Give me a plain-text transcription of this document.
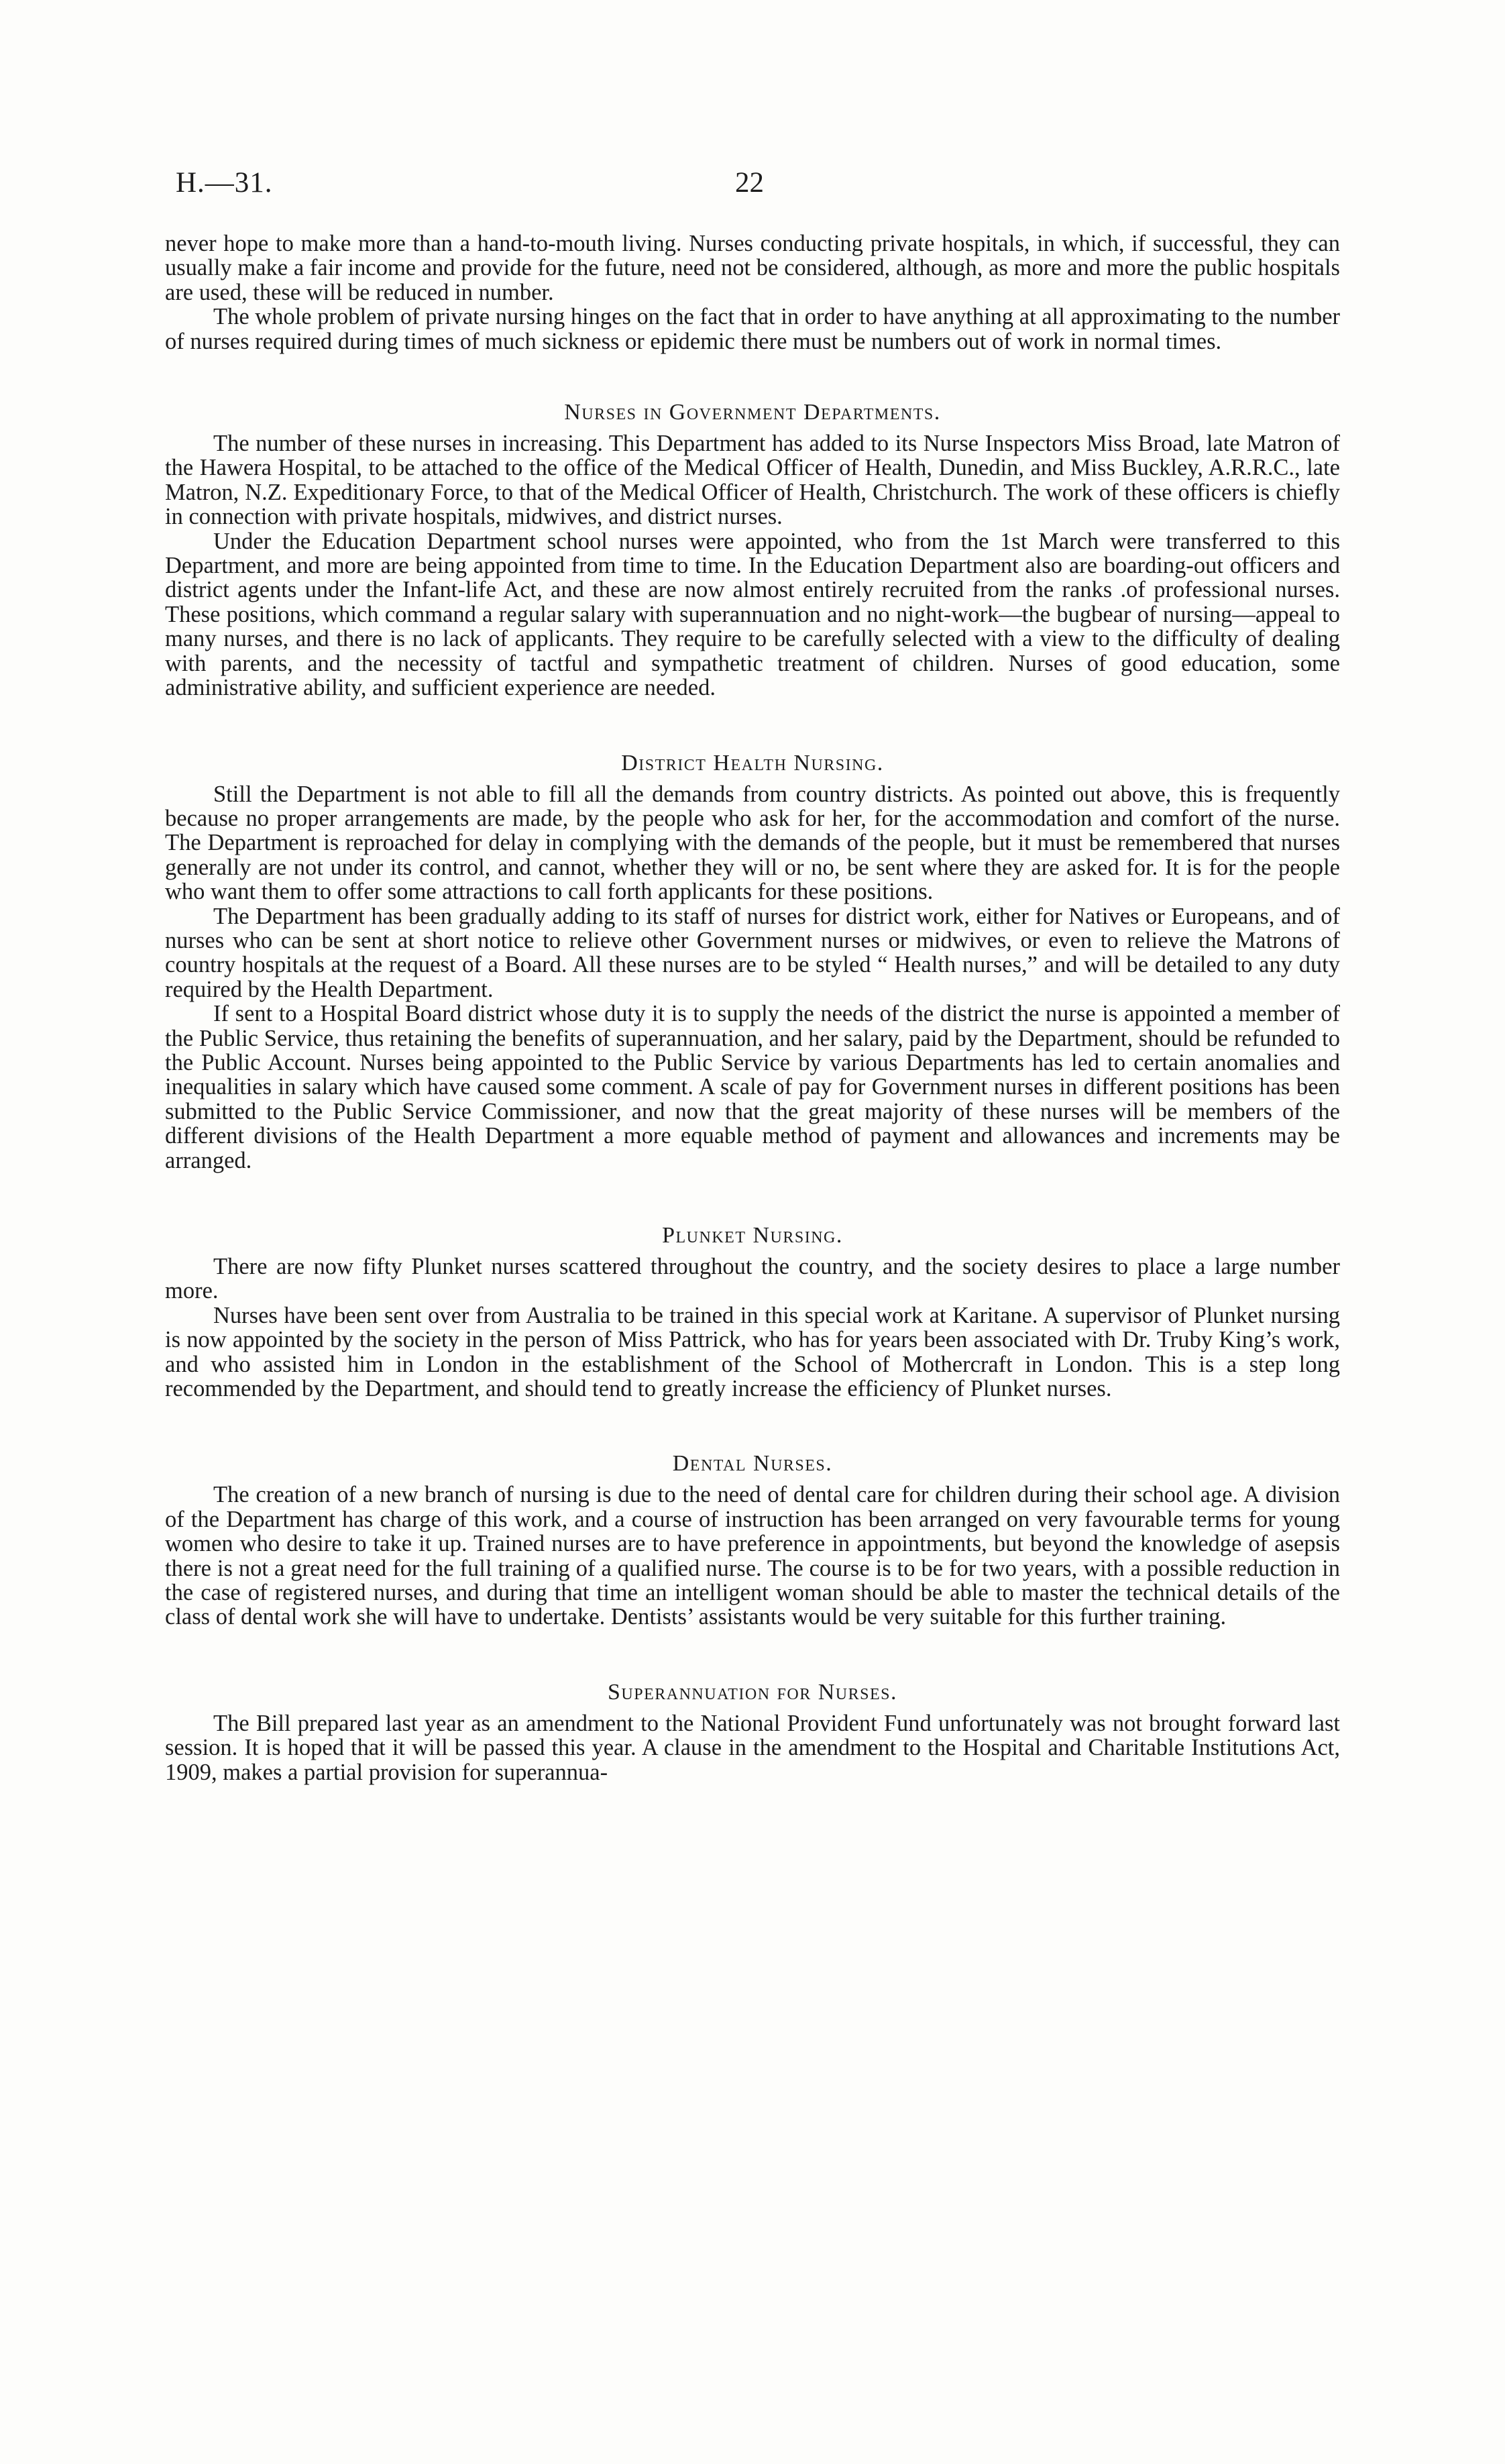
H.—31.	22

never hope to make more than a hand-to-mouth living. Nurses conducting private hospitals, in which, if successful, they can usually make a fair income and provide for the future, need not be considered, although, as more and more the public hospitals are used, these will be reduced in number.

The whole problem of private nursing hinges on the fact that in order to have anything at all approximating to the number of nurses required during times of much sickness or epidemic there must be numbers out of work in normal times.

Nurses in Government Departments.

The number of these nurses in increasing. This Department has added to its Nurse Inspectors Miss Broad, late Matron of the Hawera Hospital, to be attached to the office of the Medical Officer of Health, Dunedin, and Miss Buckley, A.R.R.C., late Matron, N.Z. Expeditionary Force, to that of the Medical Officer of Health, Christchurch. The work of these officers is chiefly in connection with private hospitals, midwives, and district nurses.

Under the Education Department school nurses were appointed, who from the 1st March were transferred to this Department, and more are being appointed from time to time. In the Education Department also are boarding-out officers and district agents under the Infant-life Act, and these are now almost entirely recruited from the ranks .of professional nurses. These positions, which command a regular salary with superannuation and no night-work—the bugbear of nursing—appeal to many nurses, and there is no lack of applicants. They require to be carefully selected with a view to the difficulty of dealing with parents, and the necessity of tactful and sympathetic treatment of children. Nurses of good education, some administrative ability, and sufficient experience are needed.

District Health Nursing.

Still the Department is not able to fill all the demands from country districts. As pointed out above, this is frequently because no proper arrangements are made, by the people who ask for her, for the accommodation and comfort of the nurse. The Department is reproached for delay in complying with the demands of the people, but it must be remembered that nurses generally are not under its control, and cannot, whether they will or no, be sent where they are asked for. It is for the people who want them to offer some attractions to call forth applicants for these positions.

The Department has been gradually adding to its staff of nurses for district work, either for Natives or Europeans, and of nurses who can be sent at short notice to relieve other Government nurses or midwives, or even to relieve the Matrons of country hospitals at the request of a Board. All these nurses are to be styled “ Health nurses,” and will be detailed to any duty required by the Health Department.

If sent to a Hospital Board district whose duty it is to supply the needs of the district the nurse is appointed a member of the Public Service, thus retaining the benefits of superannuation, and her salary, paid by the Department, should be refunded to the Public Account. Nurses being appointed to the Public Service by various Departments has led to certain anomalies and inequalities in salary which have caused some comment. A scale of pay for Government nurses in different positions has been submitted to the Public Service Commissioner, and now that the great majority of these nurses will be members of the different divisions of the Health Department a more equable method of payment and allowances and increments may be arranged.

Plunket Nursing.

There are now fifty Plunket nurses scattered throughout the country, and the society desires to place a large number more.

Nurses have been sent over from Australia to be trained in this special work at Karitane. A supervisor of Plunket nursing is now appointed by the society in the person of Miss Pattrick, who has for years been associated with Dr. Truby King’s work, and who assisted him in London in the establishment of the School of Mothercraft in London. This is a step long recommended by the Department, and should tend to greatly increase the efficiency of Plunket nurses.

Dental Nurses.

The creation of a new branch of nursing is due to the need of dental care for children during their school age. A division of the Department has charge of this work, and a course of instruction has been arranged on very favourable terms for young women who desire to take it up. Trained nurses are to have preference in appointments, but beyond the knowledge of asepsis there is not a great need for the full training of a qualified nurse. The course is to be for two years, with a possible reduction in the case of registered nurses, and during that time an intelligent woman should be able to master the technical details of the class of dental work she will have to undertake. Dentists’ assistants would be very suitable for this further training.

Superannuation for Nurses.

The Bill prepared last year as an amendment to the National Provident Fund unfortunately was not brought forward last session. It is hoped that it will be passed this year. A clause in the amendment to the Hospital and Charitable Institutions Act, 1909, makes a partial provision for superannua-
